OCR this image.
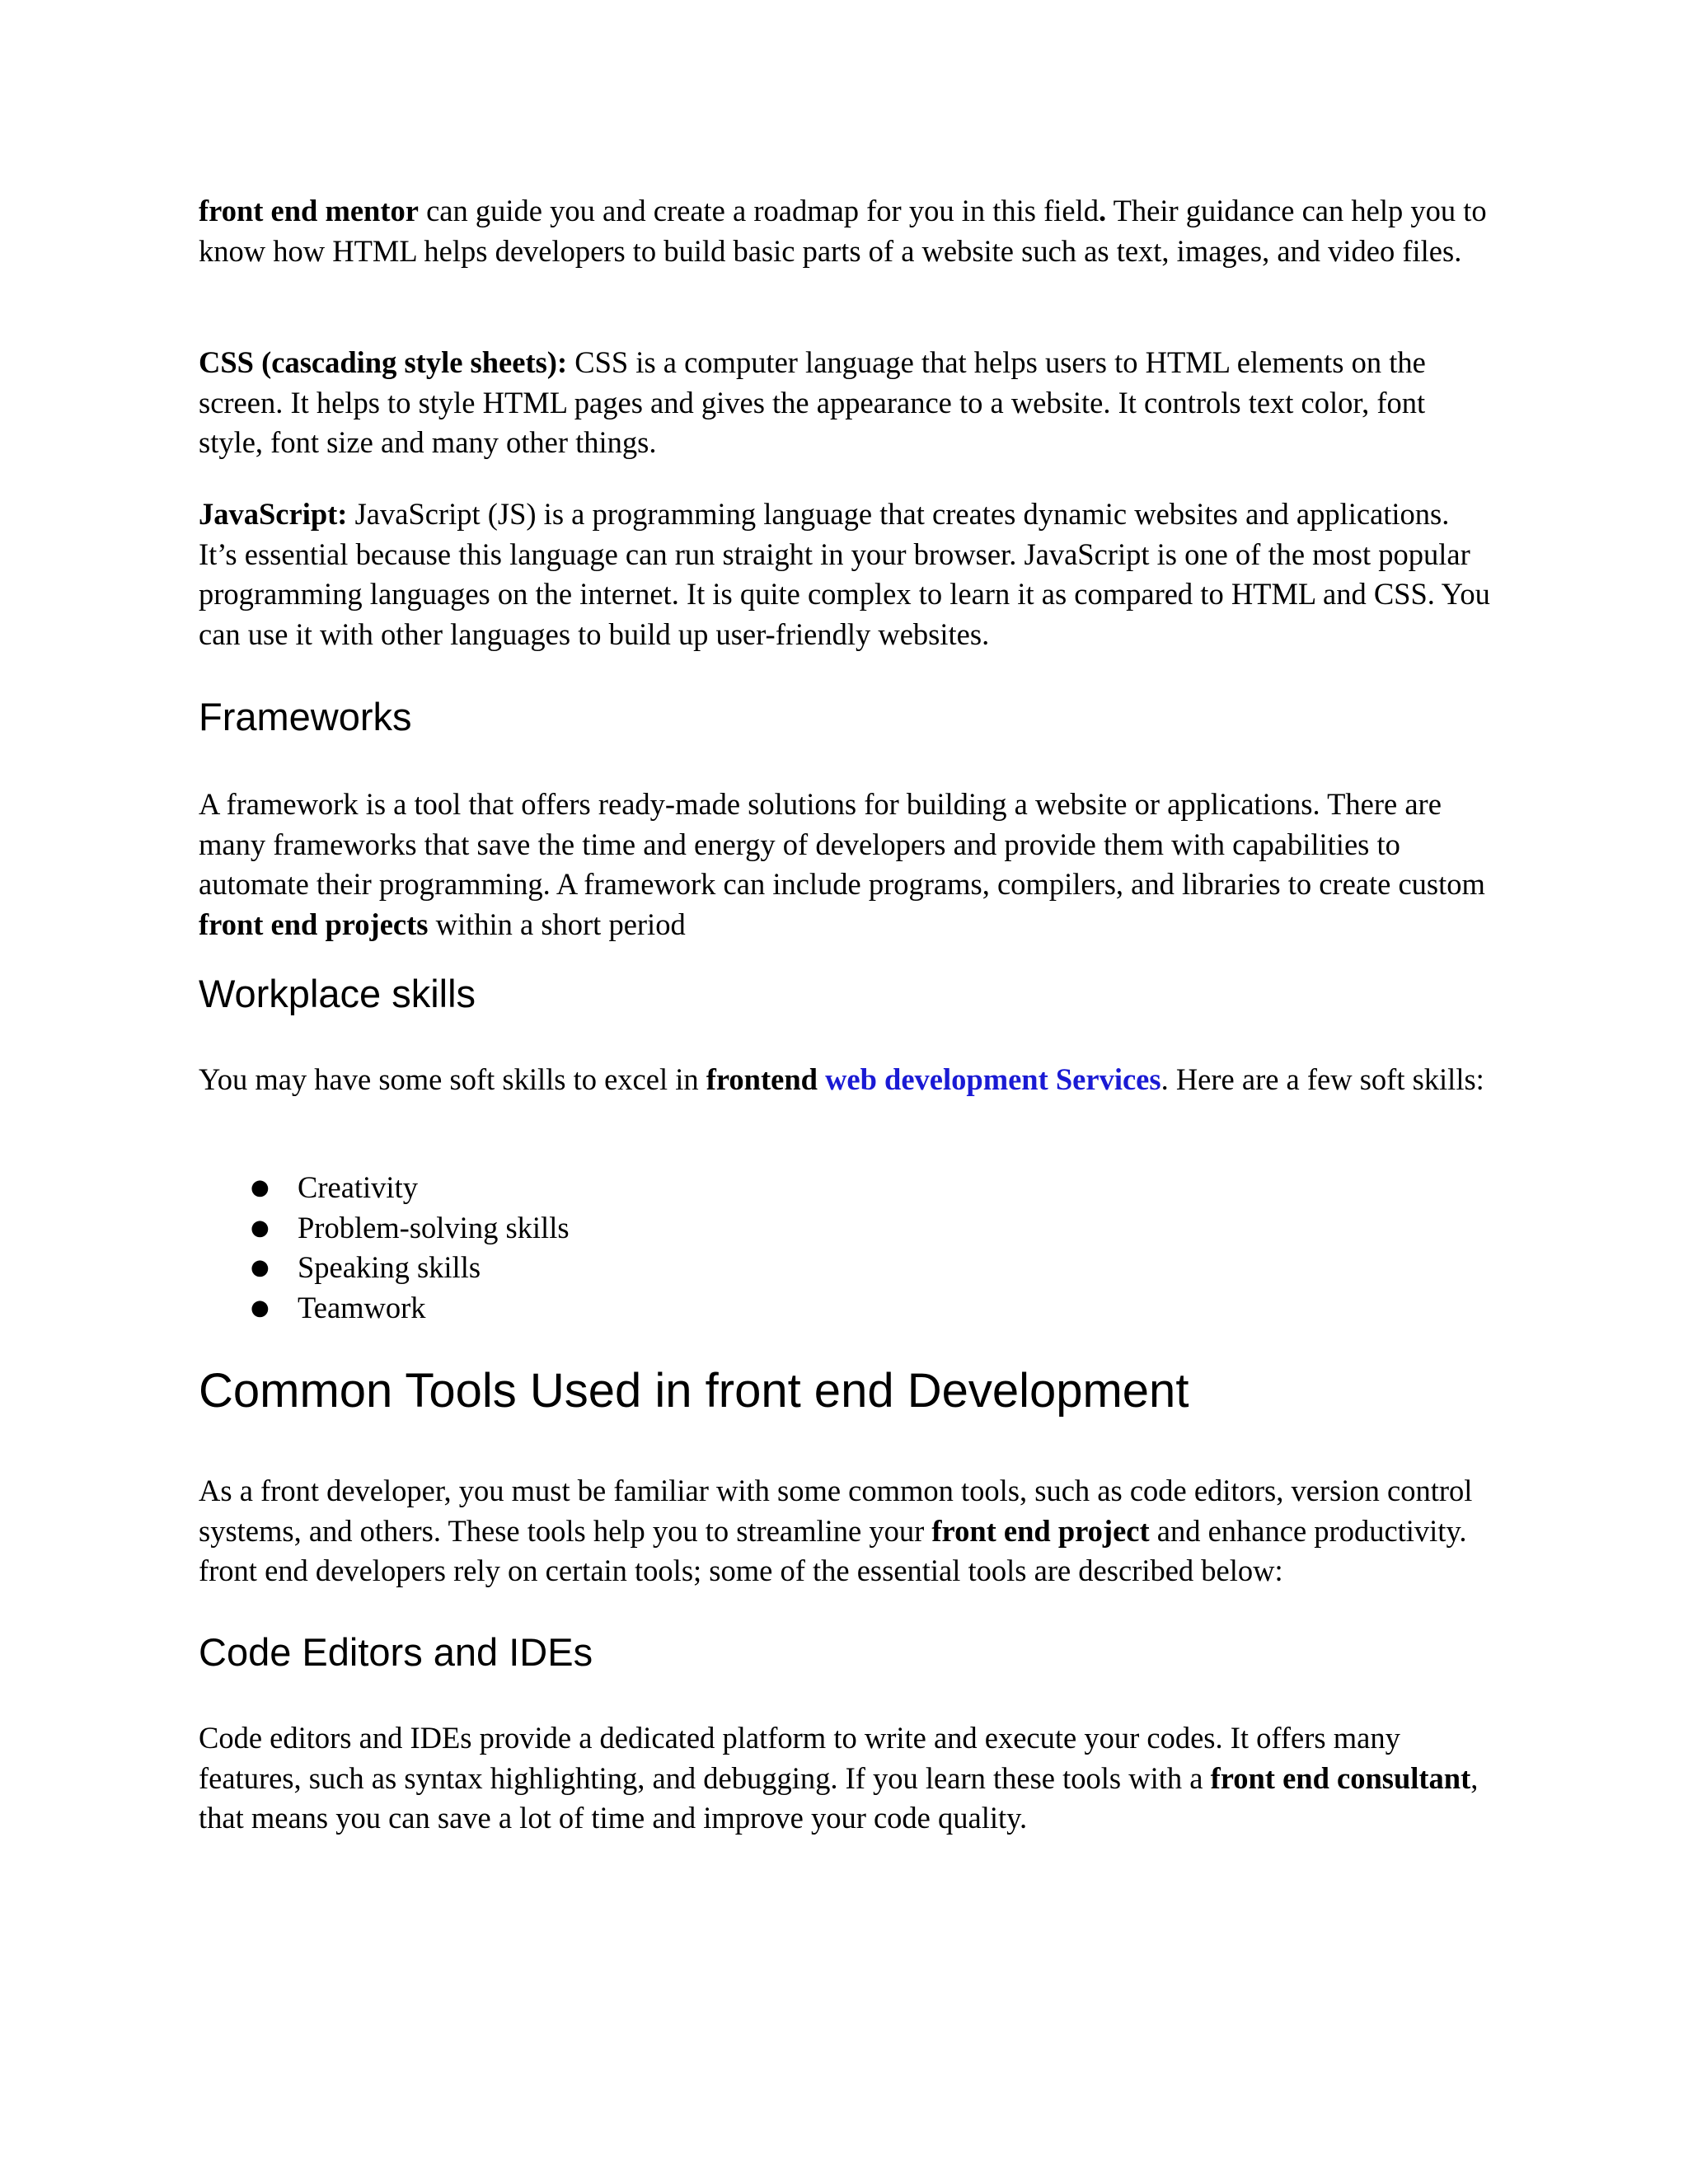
front end mentor can guide you and create a roadmap for you in this field. Their guidance can help you to know how HTML helps developers to build basic parts of a website such as text, images, and video files.

CSS (cascading style sheets): CSS is a computer language that helps users to HTML elements on the screen. It helps to style HTML pages and gives the appearance to a website. It controls text color, font style, font size and many other things.

JavaScript: JavaScript (JS) is a programming language that creates dynamic websites and applications. It’s essential because this language can run straight in your browser. JavaScript is one of the most popular programming languages on the internet. It is quite complex to learn it as compared to HTML and CSS. You can use it with other languages to build up user-friendly websites.

Frameworks

A framework is a tool that offers ready-made solutions for building a website or applications. There are many frameworks that save the time and energy of developers and provide them with capabilities to automate their programming. A framework can include programs, compilers, and libraries to create custom front end projects within a short period

Workplace skills

You may have some soft skills to excel in frontend web development Services. Here are a few soft skills:

● Creativity
● Problem-solving skills
● Speaking skills
● Teamwork
Common Tools Used in front end Development

As a front developer, you must be familiar with some common tools, such as code editors, version control systems, and others. These tools help you to streamline your front end project and enhance productivity. front end developers rely on certain tools; some of the essential tools are described below:

Code Editors and IDEs

Code editors and IDEs provide a dedicated platform to write and execute your codes. It offers many features, such as syntax highlighting, and debugging. If you learn these tools with a front end consultant, that means you can save a lot of time and improve your code quality.
